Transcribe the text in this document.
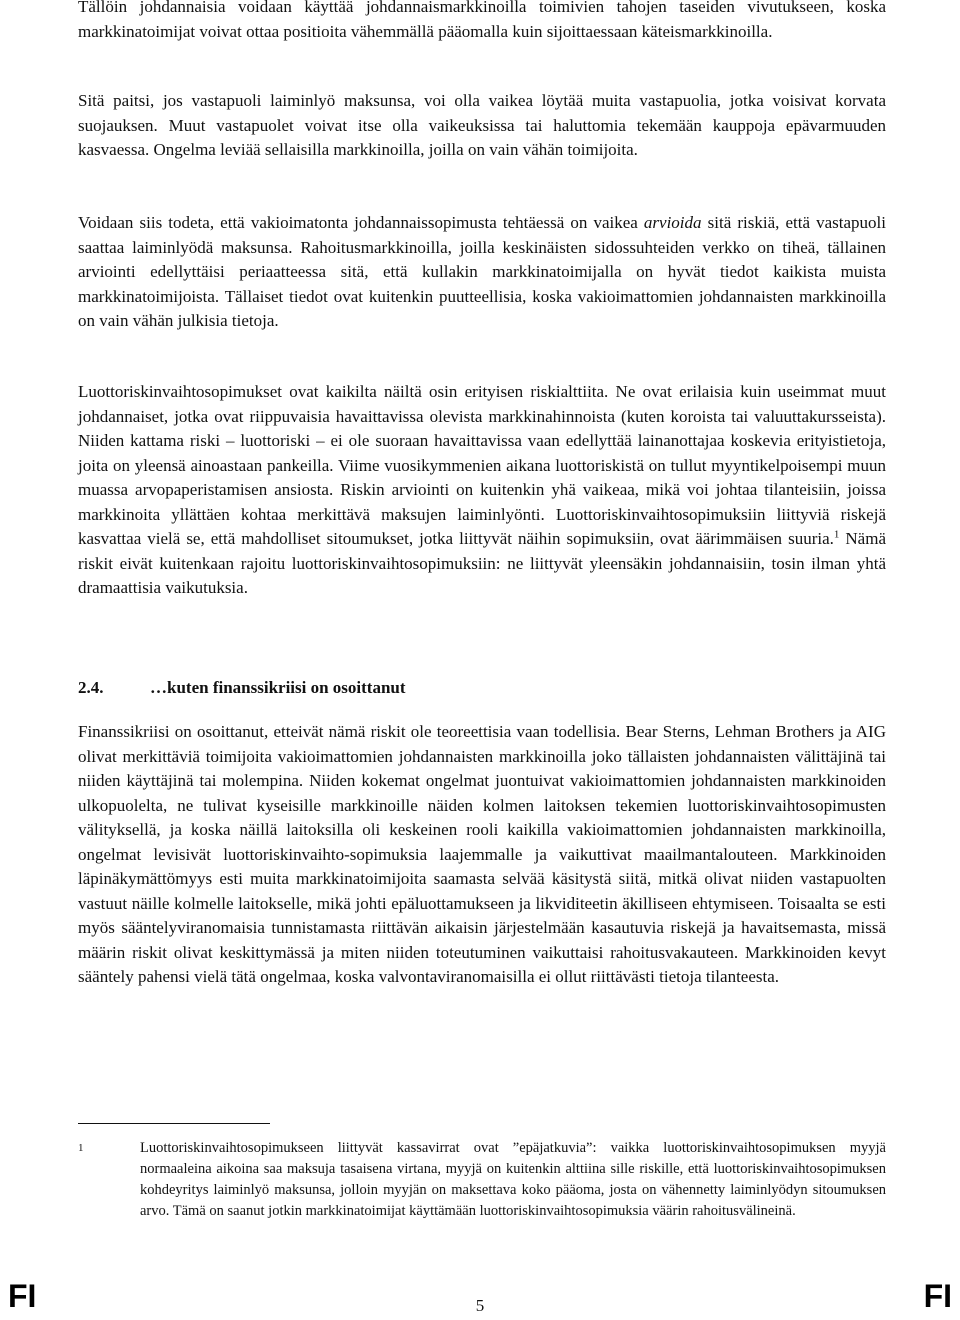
Tällöin johdannaisia voidaan käyttää johdannaismarkkinoilla toimivien tahojen taseiden vivutukseen, koska markkinatoimijat voivat ottaa positioita vähemmällä pääomalla kuin sijoittaessaan käteismarkkinoilla.

Sitä paitsi, jos vastapuoli laiminlyö maksunsa, voi olla vaikea löytää muita vastapuolia, jotka voisivat korvata suojauksen. Muut vastapuolet voivat itse olla vaikeuksissa tai haluttomia tekemään kauppoja epävarmuuden kasvaessa. Ongelma leviää sellaisilla markkinoilla, joilla on vain vähän toimijoita.

Voidaan siis todeta, että vakioimatonta johdannaissopimusta tehtäessä on vaikea arvioida sitä riskiä, että vastapuoli saattaa laiminlyödä maksunsa. Rahoitusmarkkinoilla, joilla keskinäisten sidossuhteiden verkko on tiheä, tällainen arviointi edellyttäisi periaatteessa sitä, että kullakin markkinatoimijalla on hyvät tiedot kaikista muista markkinatoimijoista. Tällaiset tiedot ovat kuitenkin puutteellisia, koska vakioimattomien johdannaisten markkinoilla on vain vähän julkisia tietoja.

Luottoriskinvaihtosopimukset ovat kaikilta näiltä osin erityisen riskialttiita. Ne ovat erilaisia kuin useimmat muut johdannaiset, jotka ovat riippuvaisia havaittavissa olevista markkinahinnoista (kuten koroista tai valuuttakursseista). Niiden kattama riski – luottoriski – ei ole suoraan havaittavissa vaan edellyttää lainanottajaa koskevia erityistietoja, joita on yleensä ainoastaan pankeilla. Viime vuosikymmenien aikana luottoriskistä on tullut myyntikelpoisempi muun muassa arvopaperistamisen ansiosta. Riskin arviointi on kuitenkin yhä vaikeaa, mikä voi johtaa tilanteisiin, joissa markkinoita yllättäen kohtaa merkittävä maksujen laiminlyönti. Luottoriskinvaihtosopimuksiin liittyviä riskejä kasvattaa vielä se, että mahdolliset sitoumukset, jotka liittyvät näihin sopimuksiin, ovat äärimmäisen suuria.$^1$ Nämä riskit eivät kuitenkaan rajoitu luottoriskinvaihtosopimuksiin: ne liittyvät yleensäkin johdannaisiin, tosin ilman yhtä dramaattisia vaikutuksia.

2.4.	…kuten finanssikriisi on osoittanut

Finanssikriisi on osoittanut, etteivät nämä riskit ole teoreettisia vaan todellisia. Bear Sterns, Lehman Brothers ja AIG olivat merkittäviä toimijoita vakioimattomien johdannaisten markkinoilla joko tällaisten johdannaisten välittäjinä tai niiden käyttäjinä tai molempina. Niiden kokemat ongelmat juontuivat vakioimattomien johdannaisten markkinoiden ulkopuolelta, ne tulivat kyseisille markkinoille näiden kolmen laitoksen tekemien luottoriskinvaihtosopimusten välityksellä, ja koska näillä laitoksilla oli keskeinen rooli kaikilla vakioimattomien johdannaisten markkinoilla, ongelmat levisivät luottoriskinvaihto-sopimuksia laajemmalle ja vaikuttivat maailmantalouteen. Markkinoiden läpinäkymättömyys esti muita markkinatoimijoita saamasta selvää käsitystä siitä, mitkä olivat niiden vastapuolten vastuut näille kolmelle laitokselle, mikä johti epäluottamukseen ja likviditeetin äkilliseen ehtymiseen. Toisaalta se esti myös sääntelyviranomaisia tunnistamasta riittävän aikaisin järjestelmään kasautuvia riskejä ja havaitsemasta, missä määrin riskit olivat keskittymässä ja miten niiden toteutuminen vaikuttaisi rahoitusvakauteen. Markkinoiden kevyt sääntely pahensi vielä tätä ongelmaa, koska valvontaviranomaisilla ei ollut riittävästi tietoja tilanteesta.

1	Luottoriskinvaihtosopimukseen liittyvät kassavirrat ovat ”epäjatkuvia”: vaikka luottoriskinvaihtosopimuksen myyjä normaaleina aikoina saa maksuja tasaisena virtana, myyjä on kuitenkin alttiina sille riskille, että luottoriskinvaihtosopimuksen kohdeyritys laiminlyö maksunsa, jolloin myyjän on maksettava koko pääoma, josta on vähennetty laiminlyödyn sitoumuksen arvo. Tämä on saanut jotkin markkinatoimijat käyttämään luottoriskinvaihtosopimuksia väärin rahoitusvälineinä.
FI	5	FI
